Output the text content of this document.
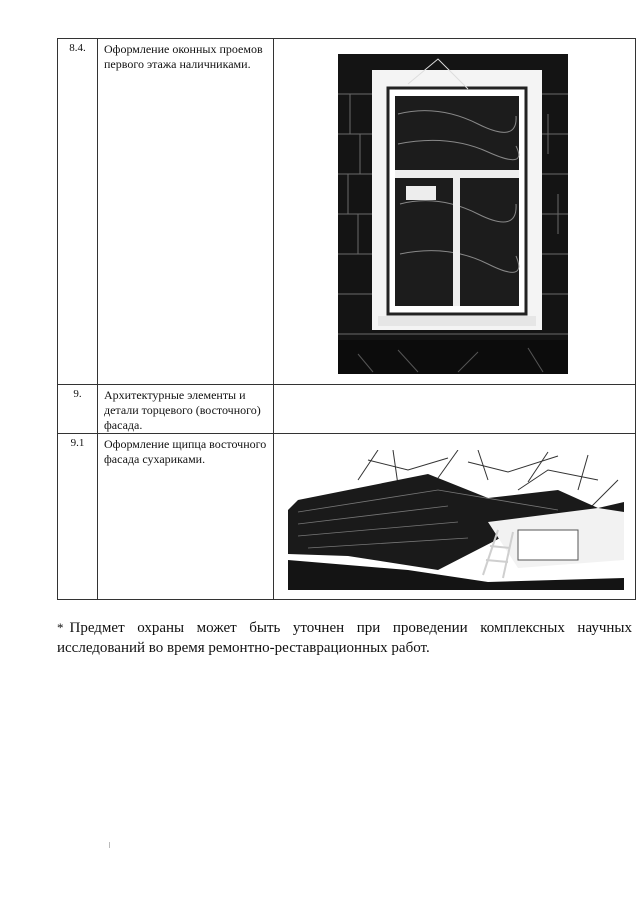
8.4.	Оформление оконных проемов первого этажа наличниками.

9.	Архитектурные элементы и детали торцевого (восточного) фасада.	

9.1	Оформление щипца восточного фасада сухариками.

* Предмет охраны может быть уточнен при проведении комплексных научных исследований во время ремонтно-реставрационных работ.
